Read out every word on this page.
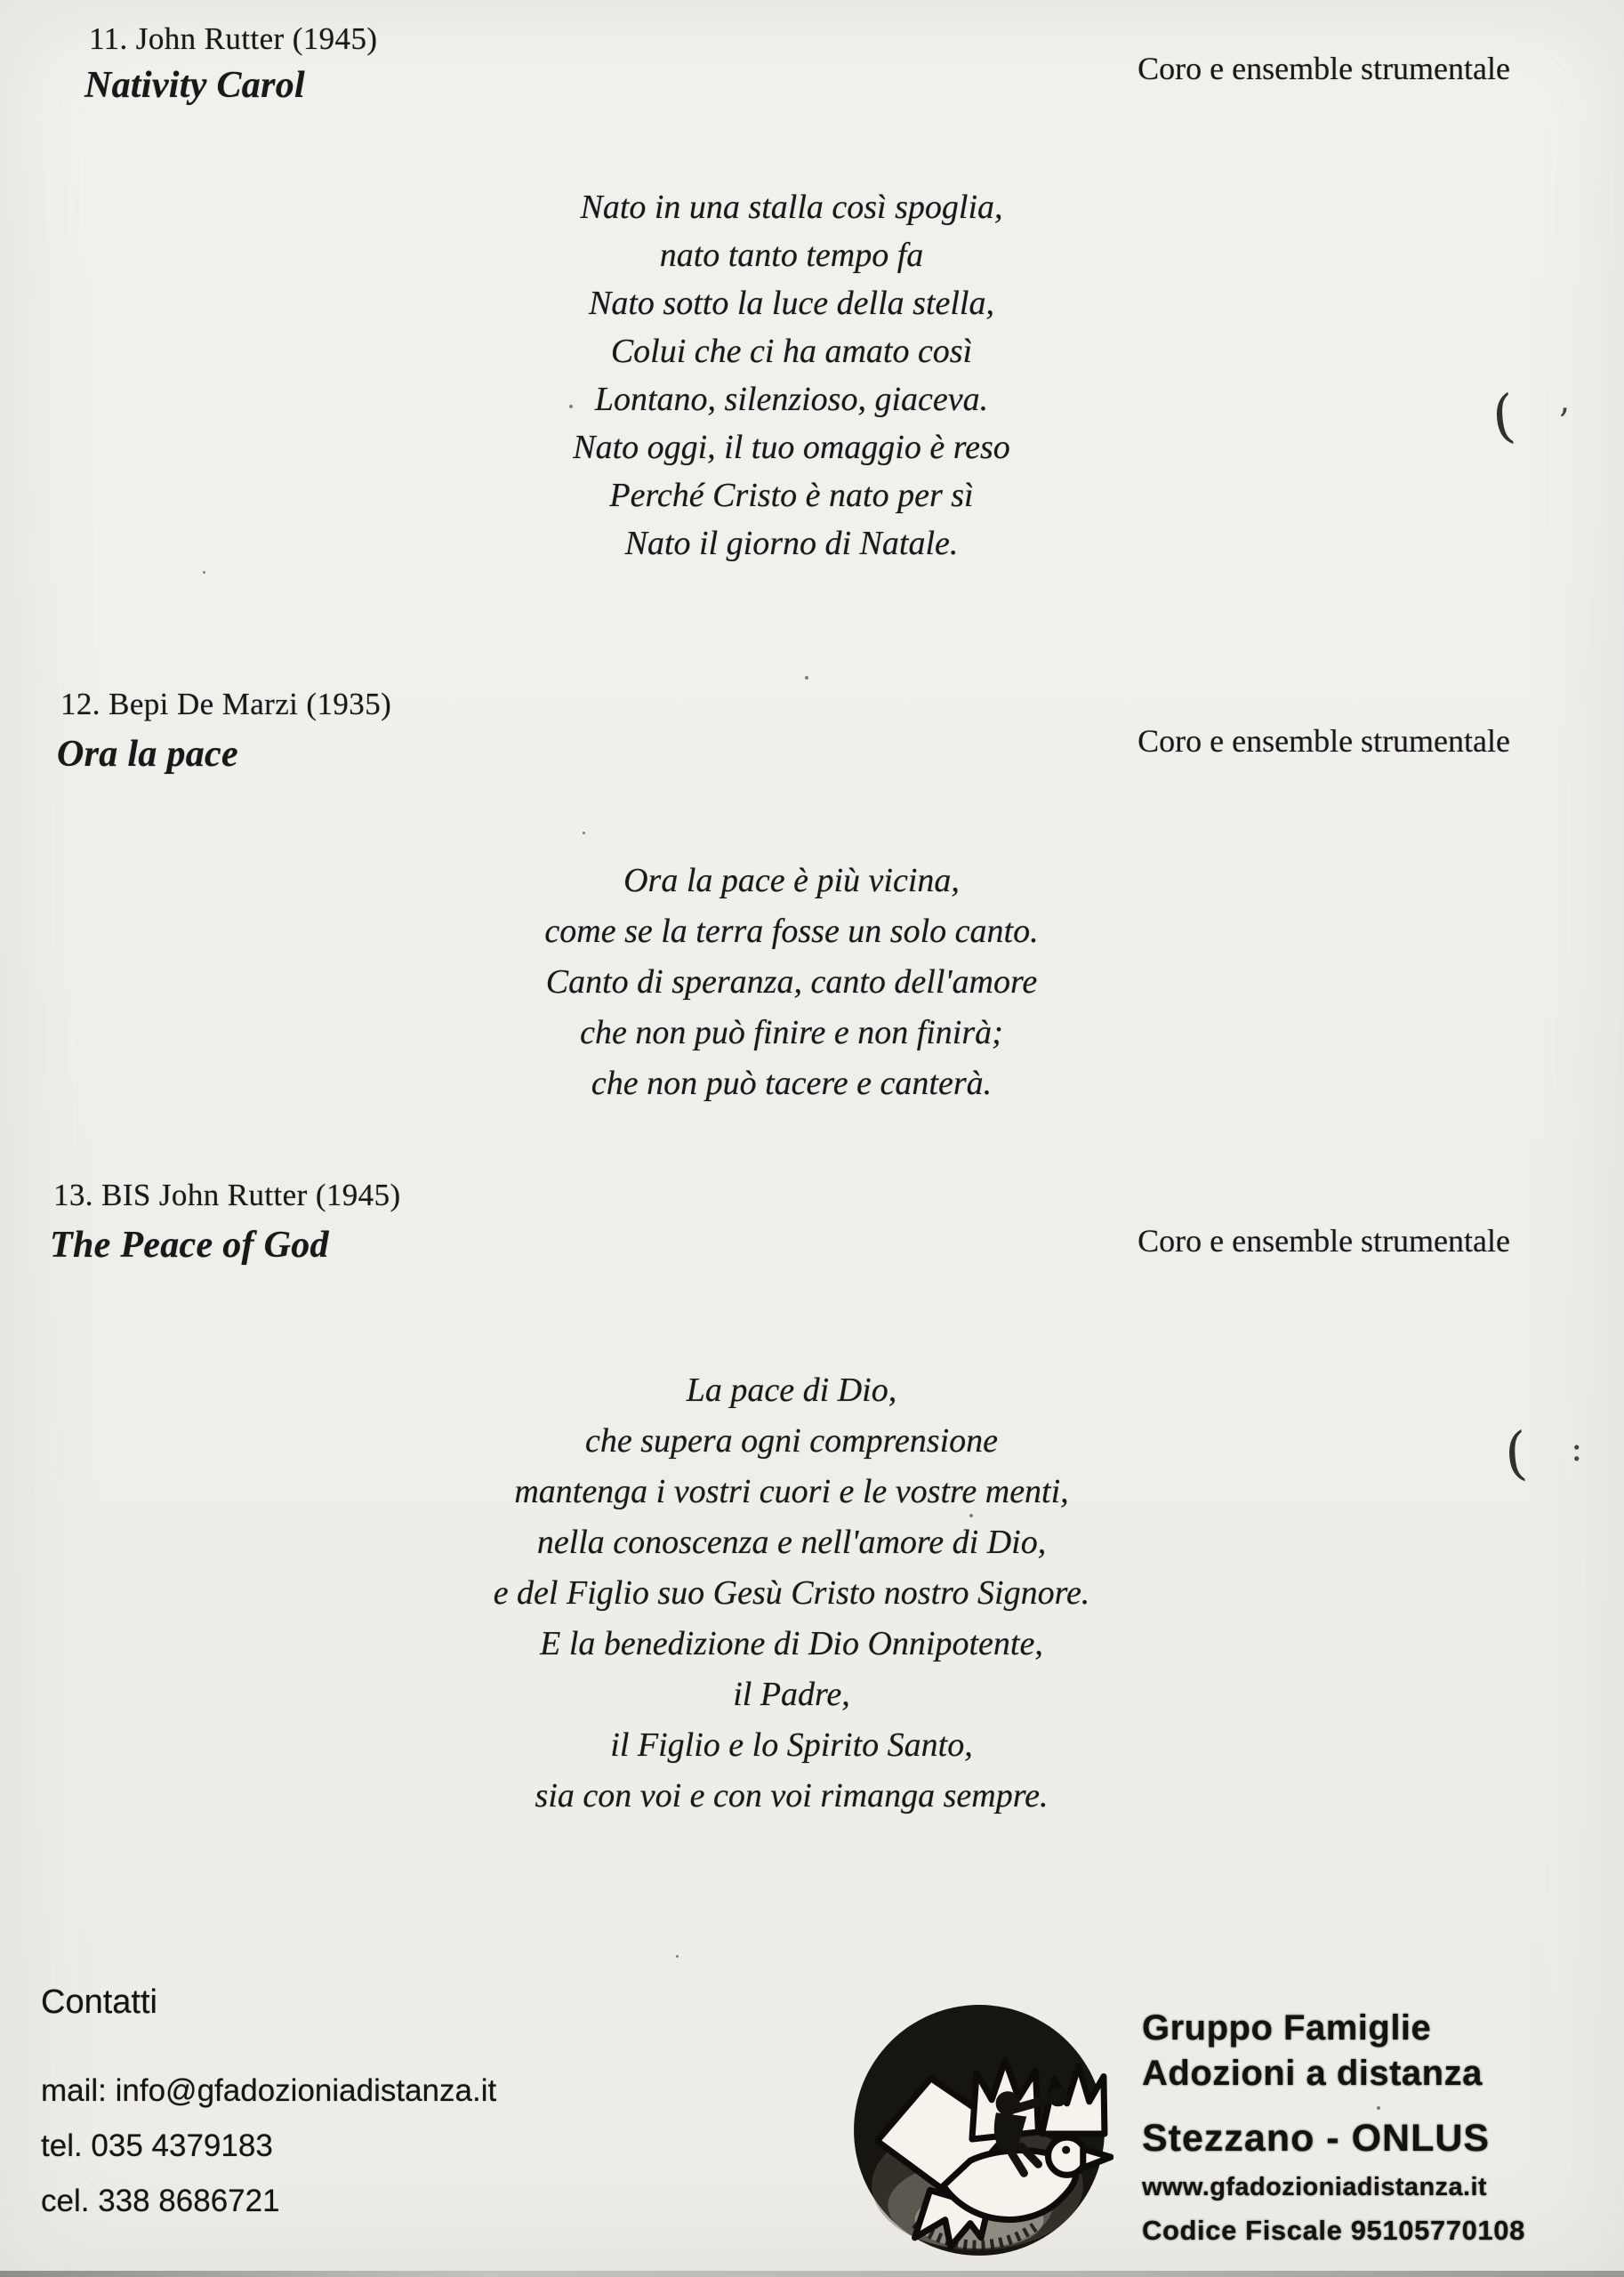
11. John Rutter (1945)
Nativity Carol	Coro e ensemble strumentale
Nato in una stalla così spoglia,
nato tanto tempo fa
Nato sotto la luce della stella,
Colui che ci ha amato così
Lontano, silenzioso, giaceva.
Nato oggi, il tuo omaggio è reso
Perché Cristo è nato per sì
Nato il giorno di Natale.
12. Bepi De Marzi (1935)
Ora la pace	Coro e ensemble strumentale
Ora la pace è più vicina,
come se la terra fosse un solo canto.
Canto di speranza, canto dell'amore
che non può finire e non finirà;
che non può tacere e canterà.
13. BIS John Rutter (1945)
The Peace of God	Coro e ensemble strumentale
La pace di Dio,
che supera ogni comprensione
mantenga i vostri cuori e le vostre menti,
nella conoscenza e nell'amore di Dio,
e del Figlio suo Gesù Cristo nostro Signore.
E la benedizione di Dio Onnipotente,
il Padre,
il Figlio e lo Spirito Santo,
sia con voi e con voi rimanga sempre.
Contatti
mail: info@gfadozioniadistanza.it
tel. 035 4379183
cel. 338 8686721
Gruppo Famiglie
Adozioni a distanza
Stezzano - ONLUS
www.gfadozioniadistanza.it
Codice Fiscale 95105770108
( ’
( :
